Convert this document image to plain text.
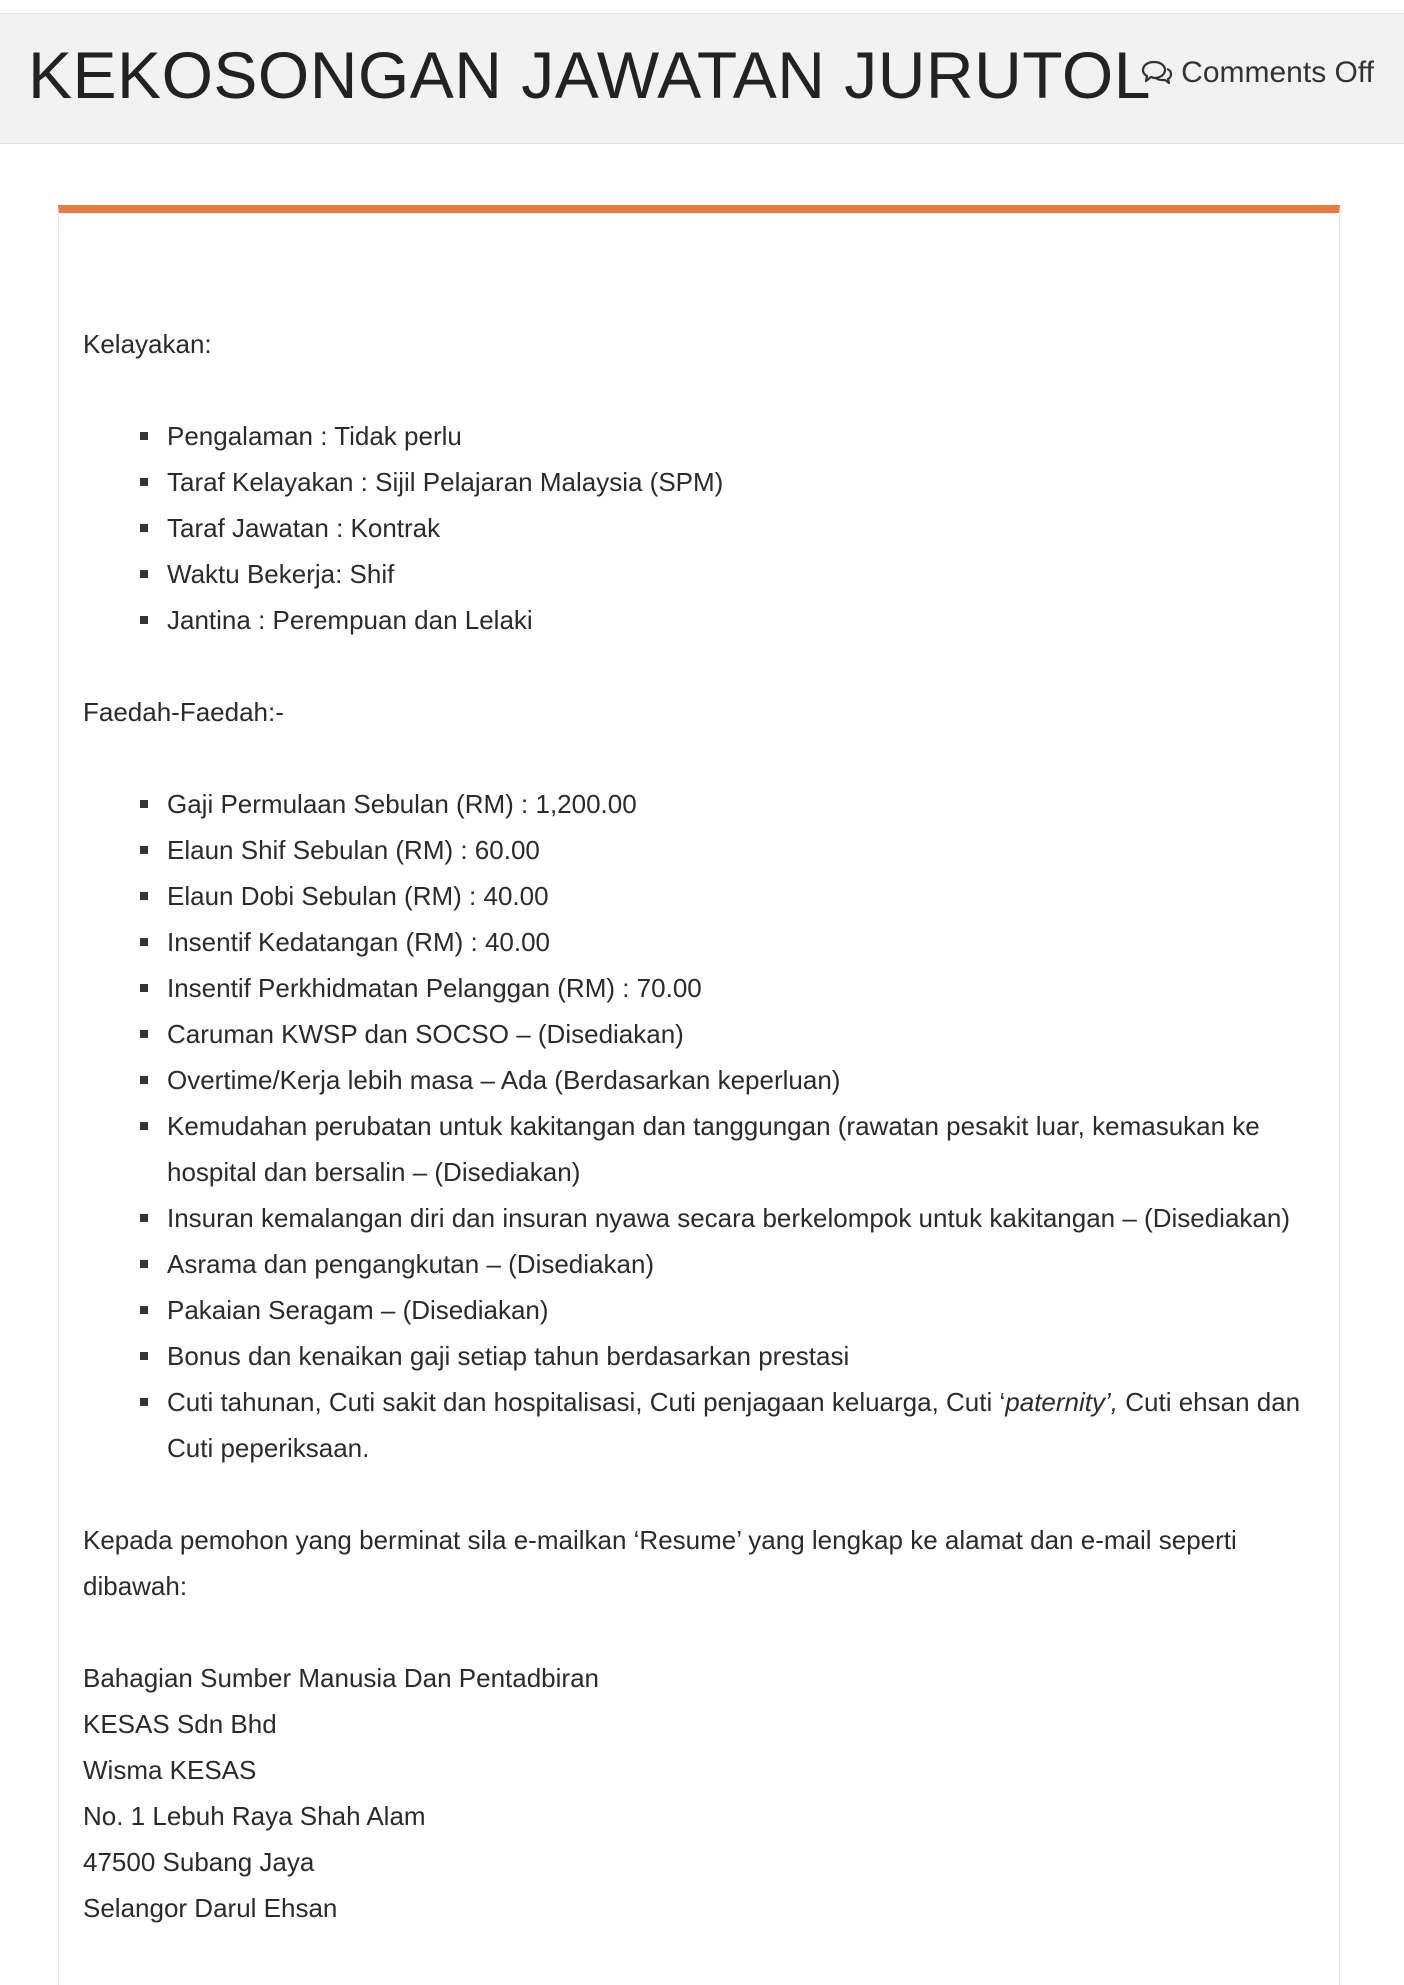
KEKOSONGAN JAWATAN JURUTOL Comments Off

Kelayakan:

Pengalaman : Tidak perlu
Taraf Kelayakan : Sijil Pelajaran Malaysia (SPM)
Taraf Jawatan : Kontrak
Waktu Bekerja: Shif
Jantina : Perempuan dan Lelaki

Faedah-Faedah:-

Gaji Permulaan Sebulan (RM) : 1,200.00
Elaun Shif Sebulan (RM) : 60.00
Elaun Dobi Sebulan (RM) : 40.00
Insentif Kedatangan (RM) : 40.00
Insentif Perkhidmatan Pelanggan (RM) : 70.00
Caruman KWSP dan SOCSO – (Disediakan)
Overtime/Kerja lebih masa – Ada (Berdasarkan keperluan)
Kemudahan perubatan untuk kakitangan dan tanggungan (rawatan pesakit luar, kemasukan ke hospital dan bersalin – (Disediakan)
Insuran kemalangan diri dan insuran nyawa secara berkelompok untuk kakitangan – (Disediakan)
Asrama dan pengangkutan – (Disediakan)
Pakaian Seragam – (Disediakan)
Bonus dan kenaikan gaji setiap tahun berdasarkan prestasi
Cuti tahunan, Cuti sakit dan hospitalisasi, Cuti penjagaan keluarga, Cuti ‘paternity’, Cuti ehsan dan Cuti peperiksaan.

Kepada pemohon yang berminat sila e-mailkan ‘Resume’ yang lengkap ke alamat dan e-mail seperti dibawah:

Bahagian Sumber Manusia Dan Pentadbiran

KESAS Sdn Bhd

Wisma KESAS

No. 1 Lebuh Raya Shah Alam

47500 Subang Jaya

Selangor Darul Ehsan
